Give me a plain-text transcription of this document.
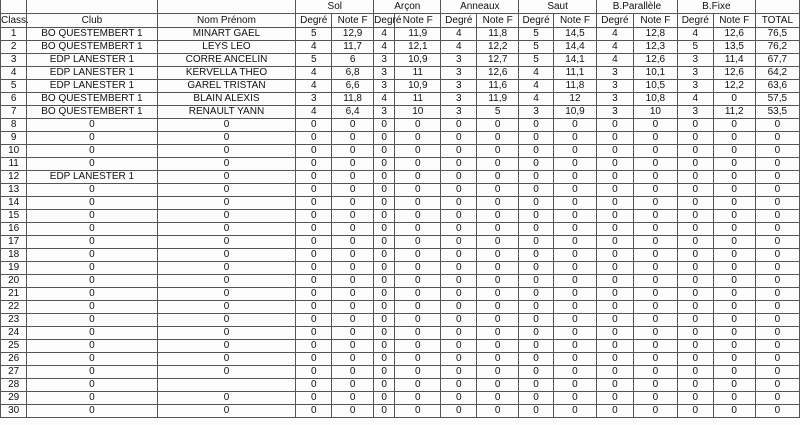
			Sol		Arçon		Anneaux		Saut		B.Parallèle		B.Fixe		
Class.	Club	Nom Prénom	Degré	Note F	Degré	Note F	Degré	Note F	Degré	Note F	Degré	Note F	Degré	Note F	TOTAL
1	BO QUESTEMBERT 1	MINART GAEL	5	12,9	4	11,9	4	11,8	5	14,5	4	12,8	4	12,6	76,5
2	BO QUESTEMBERT 1	LEYS LEO	4	11,7	4	12,1	4	12,2	5	14,4	4	12,3	5	13,5	76,2
3	EDP LANESTER 1	CORRE ANCELIN	5	6	3	10,9	3	12,7	5	14,1	4	12,6	3	11,4	67,7
4	EDP LANESTER 1	KERVELLA THEO	4	6,8	3	11	3	12,6	4	11,1	3	10,1	3	12,6	64,2
5	EDP LANESTER 1	GAREL TRISTAN	4	6,6	3	10,9	3	11,6	4	11,8	3	10,5	3	12,2	63,6
6	BO QUESTEMBERT 1	BLAIN ALEXIS	3	11,8	4	11	3	11,9	4	12	3	10,8	4	0	57,5
7	BO QUESTEMBERT 1	RENAULT YANN	4	6,4	3	10	3	5	3	10,9	3	10	3	11,2	53,5
8	0	0	0	0	0	0	0	0	0	0	0	0	0	0	0
9	0	0	0	0	0	0	0	0	0	0	0	0	0	0	0
10	0	0	0	0	0	0	0	0	0	0	0	0	0	0	0
11	0	0	0	0	0	0	0	0	0	0	0	0	0	0	0
12	EDP LANESTER 1	0	0	0	0	0	0	0	0	0	0	0	0	0	0
13	0	0	0	0	0	0	0	0	0	0	0	0	0	0	0
14	0	0	0	0	0	0	0	0	0	0	0	0	0	0	0
15	0	0	0	0	0	0	0	0	0	0	0	0	0	0	0
16	0	0	0	0	0	0	0	0	0	0	0	0	0	0	0
17	0	0	0	0	0	0	0	0	0	0	0	0	0	0	0
18	0	0	0	0	0	0	0	0	0	0	0	0	0	0	0
19	0	0	0	0	0	0	0	0	0	0	0	0	0	0	0
20	0	0	0	0	0	0	0	0	0	0	0	0	0	0	0
21	0	0	0	0	0	0	0	0	0	0	0	0	0	0	0
22	0	0	0	0	0	0	0	0	0	0	0	0	0	0	0
23	0	0	0	0	0	0	0	0	0	0	0	0	0	0	0
24	0	0	0	0	0	0	0	0	0	0	0	0	0	0	0
25	0	0	0	0	0	0	0	0	0	0	0	0	0	0	0
26	0	0	0	0	0	0	0	0	0	0	0	0	0	0	0
27	0	0	0	0	0	0	0	0	0	0	0	0	0	0	0
28	0		0	0	0	0	0	0	0	0	0	0	0	0	0
29	0	0	0	0	0	0	0	0	0	0	0	0	0	0	0
30	0	0	0	0	0	0	0	0	0	0	0	0	0	0	0
